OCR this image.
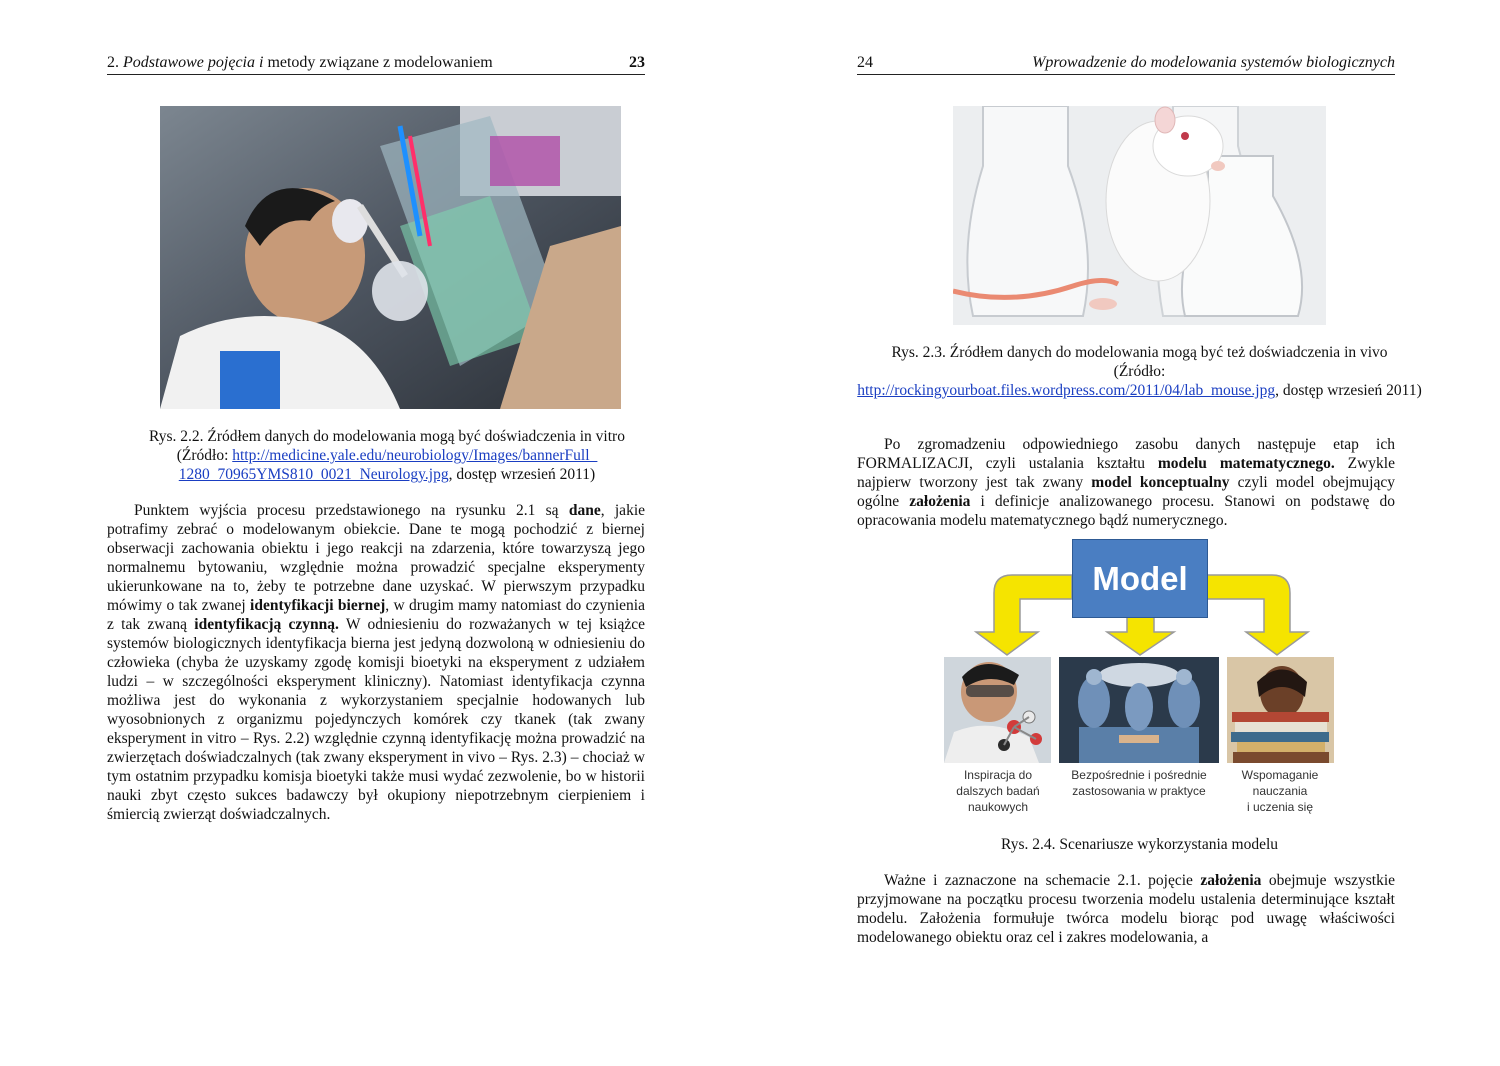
2. Podstawowe pojęcia i metody związane z modelowaniem	23
Rys. 2.2. Źródłem danych do modelowania mogą być doświadczenia in vitro
(Źródło: http://medicine.yale.edu/neurobiology/Images/bannerFull_ 1280_70965YMS810_0021_Neurology.jpg, dostęp wrzesień 2011)

Punktem wyjścia procesu przedstawionego na rysunku 2.1 są dane, jakie potrafimy zebrać o modelowanym obiekcie. Dane te mogą pochodzić z biernej obserwacji zachowania obiektu i jego reakcji na zdarzenia, które towarzyszą jego normalnemu bytowaniu, względnie można prowadzić specjalne eksperymenty ukierunkowane na to, żeby te potrzebne dane uzyskać. W pierwszym przypadku mówimy o tak zwanej identyfikacji biernej, w drugim mamy natomiast do czynienia z tak zwaną identyfikacją czynną. W odniesieniu do rozważanych w tej książce systemów biologicznych identyfikacja bierna jest jedyną dozwoloną w odniesieniu do człowieka (chyba że uzyskamy zgodę komisji bioetyki na eksperyment z udziałem ludzi – w szczególności eksperyment kliniczny). Natomiast identyfikacja czynna możliwa jest do wykonania z wykorzystaniem specjalnie hodowanych lub wyosobnionych z organizmu pojedynczych komórek czy tkanek (tak zwany eksperyment in vitro – Rys. 2.2) względnie czynną identyfikację można prowadzić na zwierzętach doświadczalnych (tak zwany eksperyment in vivo – Rys. 2.3) – chociaż w tym ostatnim przypadku komisja bioetyki także musi wydać zezwolenie, bo w historii nauki zbyt często sukces badawczy był okupiony niepotrzebnym cierpieniem i śmiercią zwierząt doświadczalnych.

24	Wprowadzenie do modelowania systemów biologicznych
Rys. 2.3. Źródłem danych do modelowania mogą być też doświadczenia in vivo (Źródło:
http://rockingyourboat.files.wordpress.com/2011/04/lab_mouse.jpg, dostęp wrzesień 2011)

Po zgromadzeniu odpowiedniego zasobu danych następuje etap ich FORMALIZACJI, czyli ustalania kształtu modelu matematycznego. Zwykle najpierw tworzony jest tak zwany model konceptualny czyli model obejmujący ogólne założenia i definicje analizowanego procesu. Stanowi on podstawę do opracowania modelu matematycznego bądź numerycznego.

Model
Inspiracja do
dalszych badań
naukowych
Bezpośrednie i pośrednie
zastosowania w praktyce
Wspomaganie
nauczania
i uczenia się
Rys. 2.4. Scenariusze wykorzystania modelu

Ważne i zaznaczone na schemacie 2.1. pojęcie założenia obejmuje wszystkie przyjmowane na początku procesu tworzenia modelu ustalenia determinujące kształt modelu. Założenia formułuje twórca modelu biorąc pod uwagę właściwości modelowanego obiektu oraz cel i zakres modelowania, a
